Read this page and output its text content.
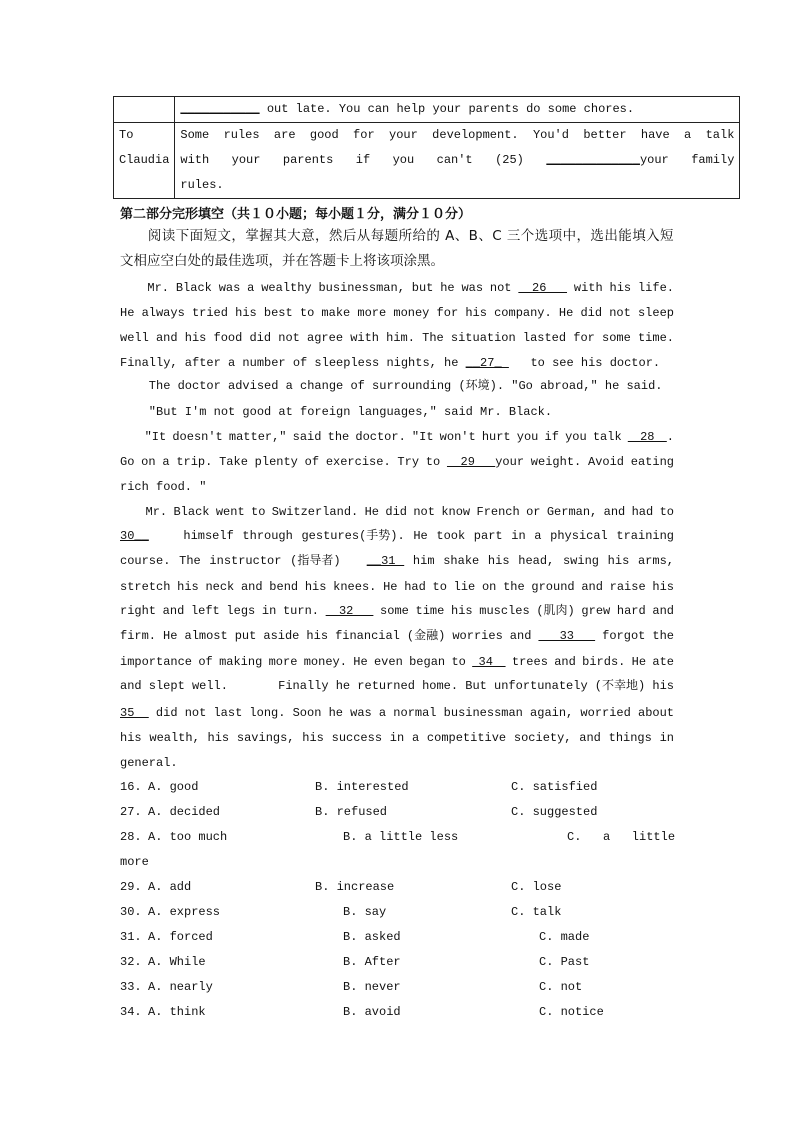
	___________ out late. You can help your parents do some chores.

To Claudia	Some rules are good for your development. You'd better have a talk
with your parents if you can't (25) _____________your family
rules.
第二部分完形填空（共１０小题；每小题１分，满分１０分）
　　阅读下面短文，掌握其大意，然后从每题所给的 A、B、C 三个选项中，选出能填入短
文相应空白处的最佳选项，并在答题卡上将该项涂黑。
Mr. Black was a wealthy businessman, but he was not   26    with his life.
He always tried his best to make more money for his company. He did not sleep
well and his food did not agree with him. The situation lasted for some time.
Finally, after a number of sleepless nights, he __27_    to see his doctor.
The doctor advised a change of surrounding (环境). "Go abroad," he said.
"But I'm not good at foreign languages," said Mr. Black.
"It doesn't matter," said the doctor. "It won't hurt you if you talk   28  .
Go on a trip. Take plenty of exercise. Try to   29   your weight. Avoid eating
rich food. "
Mr. Black went to Switzerland. He did not know French or German, and had to
30__    himself through gestures(手势). He took part in a physical training
course. The instructor (指导者)   __31  him shake his head, swing his arms,
stretch his neck and bend his knees. He had to lie on the ground and raise his
right and left legs in turn.   32    some time his muscles (肌肉) grew hard and
firm. He almost put aside his financial (金融) worries and    33    forgot the
importance of making more money. He even began to  34   trees and birds. He ate
and slept well.       Finally he returned home. But unfortunately (不幸地) his
35   did not last long. Soon he was a normal businessman again, worried about
his wealth, his savings, his success in a competitive society, and things in
general.
16. A. good	B. interested	C. satisfied
27. A. decided	B. refused	C. suggested
28. A. too much	B. a little less	C.   a   little
more
29. A. add	B. increase	C. lose
30. A. express	B. say	C. talk
31. A. forced	B. asked	C. made
32. A. While	B. After	C. Past
33. A. nearly	B. never	C. not
34. A. think	B. avoid	C. notice
